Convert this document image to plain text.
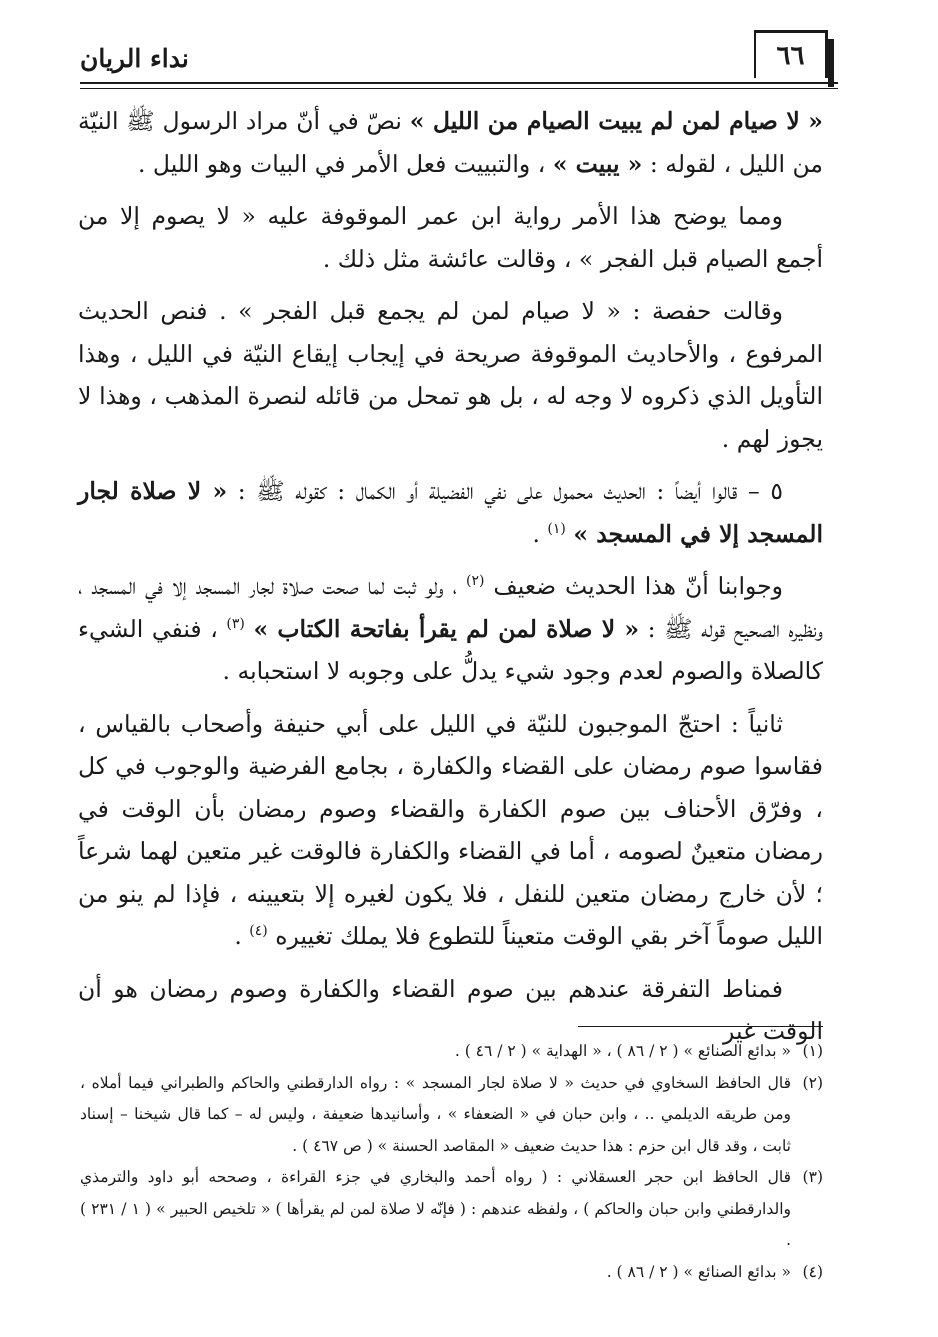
٦٦
نداء الريان

« لا صيام لمن لم يبيت الصيام من الليل » نصّ في أنّ مراد الرسول ﷺ النيّة من الليل ، لقوله : « يبيت » ، والتبييت فعل الأمر في البيات وهو الليل .

ومما يوضح هذا الأمر رواية ابن عمر الموقوفة عليه « لا يصوم إلا من أجمع الصيام قبل الفجر » ، وقالت عائشة مثل ذلك .

وقالت حفصة : « لا صيام لمن لم يجمع قبل الفجر » . فنص الحديث المرفوع ، والأحاديث الموقوفة صريحة في إيجاب إيقاع النيّة في الليل ، وهذا التأويل الذي ذكروه لا وجه له ، بل هو تمحل من قائله لنصرة المذهب ، وهذا لا يجوز لهم .

٥ – قالوا أيضاً : الحديث محمول على نفي الفضيلة أو الكمال : كقوله ﷺ : « لا صلاة لجار المسجد إلا في المسجد » $^{(١)}$ .

وجوابنا أنّ هذا الحديث ضعيف $^{(٢)}$ ، ولو ثبت لما صحت صلاة لجار المسجد إلا في المسجد ، ونظيره الصحيح قوله ﷺ : « لا صلاة لمن لم يقرأ بفاتحة الكتاب » $^{(٣)}$ ، فنفي الشيء كالصلاة والصوم لعدم وجود شيء يدلُّ على وجوبه لا استحبابه .

ثانياً : احتجّ الموجبون للنيّة في الليل على أبي حنيفة وأصحاب بالقياس ، فقاسوا صوم رمضان على القضاء والكفارة ، بجامع الفرضية والوجوب في كل ، وفرّق الأحناف بين صوم الكفارة والقضاء وصوم رمضان بأن الوقت في رمضان متعينٌ لصومه ، أما في القضاء والكفارة فالوقت غير متعين لهما شرعاً ؛ لأن خارج رمضان متعين للنفل ، فلا يكون لغيره إلا بتعيينه ، فإذا لم ينو من الليل صوماً آخر بقي الوقت متعيناً للتطوع فلا يملك تغييره $^{(٤)}$ .

فمناط التفرقة عندهم بين صوم القضاء والكفارة وصوم رمضان هو أن الوقت غير

(١)
« بدائع الصنائع » ( ٢ / ٨٦ ) ، « الهداية » ( ٢ / ٤٦ ) .
(٢)
قال الحافظ السخاوي في حديث « لا صلاة لجار المسجد » : رواه الدارقطني والحاكم والطبراني فيما أملاه ، ومن طريقه الديلمي .. ، وابن حبان في « الضعفاء » ، وأسانيدها ضعيفة ، وليس له – كما قال شيخنا – إسناد ثابت ، وقد قال ابن حزم : هذا حديث ضعيف « المقاصد الحسنة » ( ص ٤٦٧ ) .
(٣)
قال الحافظ ابن حجر العسقلاني : ( رواه أحمد والبخاري في جزء القراءة ، وصححه أبو داود والترمذي والدارقطني وابن حبان والحاكم ) ، ولفظه عندهم : ( فإنّه لا صلاة لمن لم يقرأها ) « تلخيص الحبير » ( ١ / ٢٣١ ) .
(٤)
« بدائع الصنائع » ( ٢ / ٨٦ ) .
